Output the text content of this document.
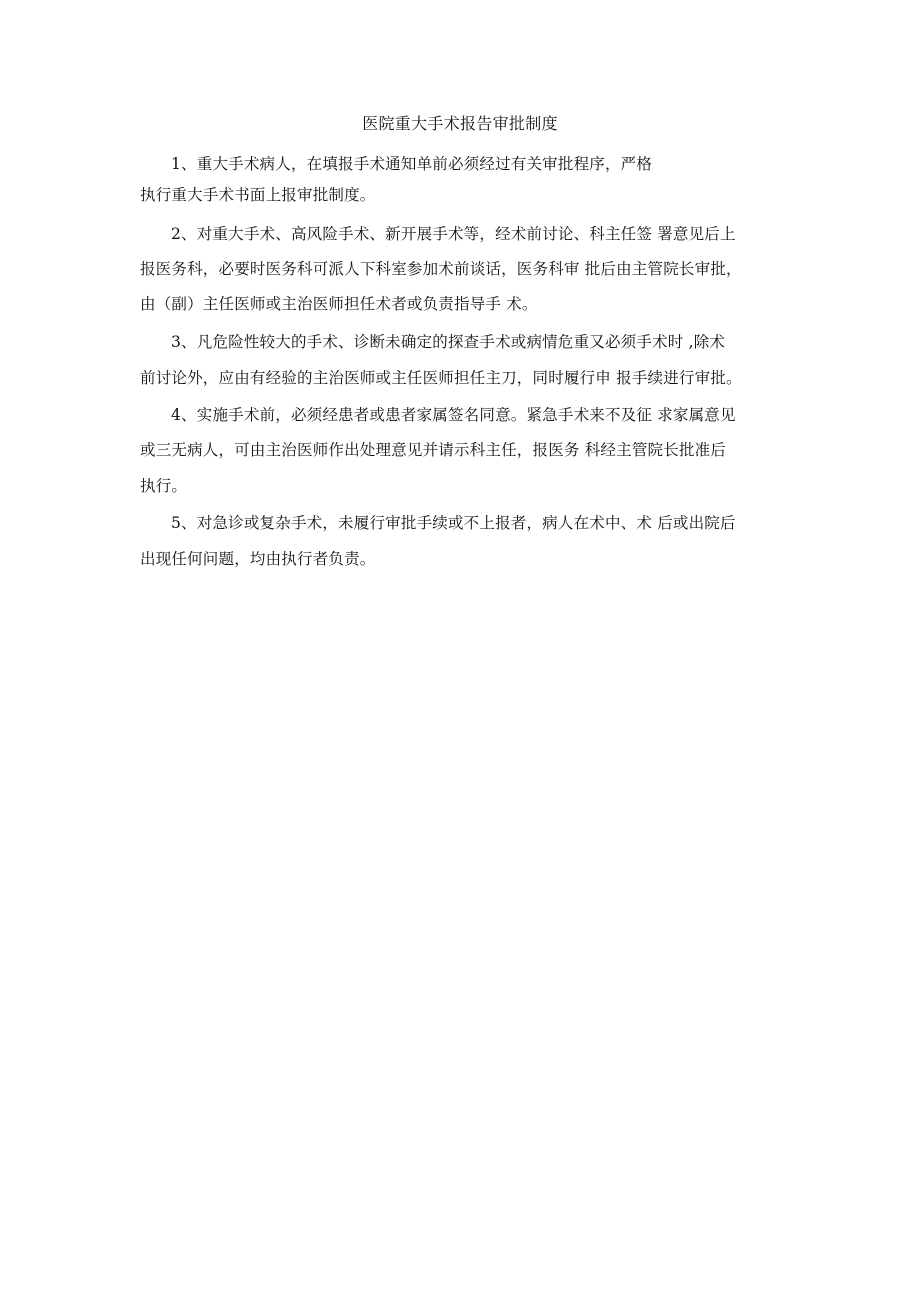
医院重大手术报告审批制度
1、重大手术病人，在填报手术通知单前必须经过有关审批程序，严格
执行重大手术书面上报审批制度。
2、对重大手术、高风险手术、新开展手术等，经术前讨论、科主任签 署意见后上
报医务科，必要时医务科可派人下科室参加术前谈话，医务科审 批后由主管院长审批，
由（副）主任医师或主治医师担任术者或负责指导手 术。
3、凡危险性较大的手术、诊断未确定的探查手术或病情危重又必须手术时 ,除术
前讨论外，应由有经验的主治医师或主任医师担任主刀，同时履行申 报手续进行审批。
4、实施手术前，必须经患者或患者家属签名同意。紧急手术来不及征 求家属意见
或三无病人，可由主治医师作出处理意见并请示科主任，报医务 科经主管院长批准后
执行。
5、对急诊或复杂手术，未履行审批手续或不上报者，病人在术中、术 后或出院后
出现任何问题，均由执行者负责。
